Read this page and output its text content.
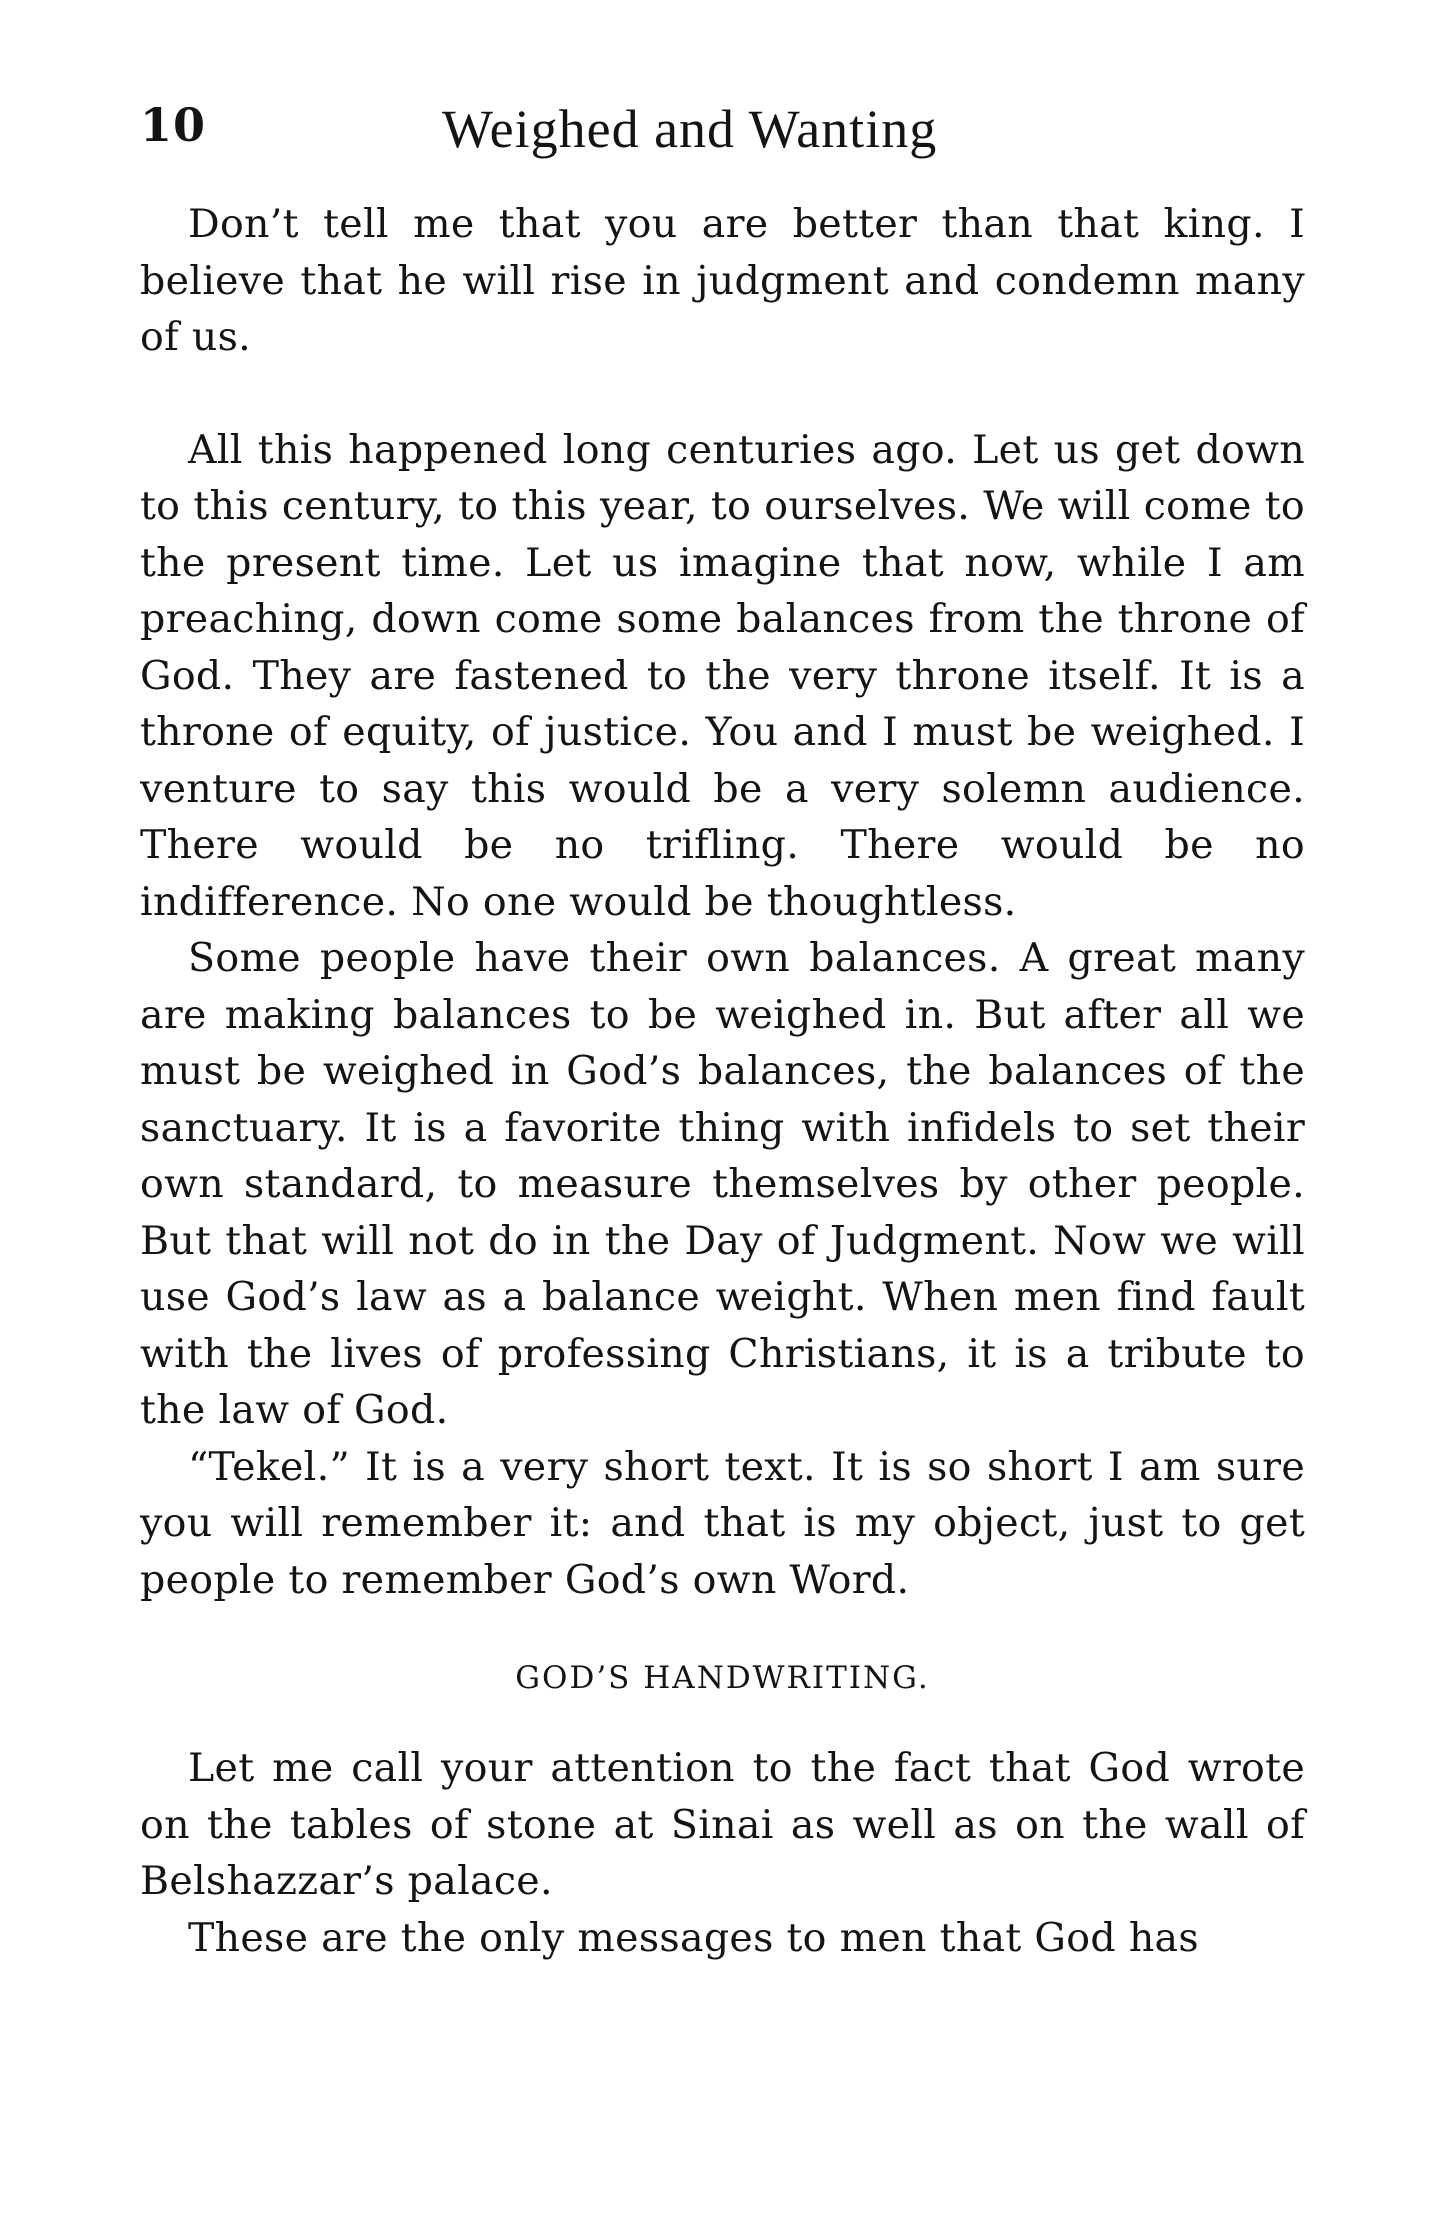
10	Weighed and Wanting

Don’t tell me that you are better than that king. I believe that he will rise in judgment and condemn many of us.

All this happened long centuries ago. Let us get down to this century, to this year, to ourselves. We will come to the present time. Let us imagine that now, while I am preaching, down come some balances from the throne of God. They are fastened to the very throne itself. It is a throne of equity, of justice. You and I must be weighed. I venture to say this would be a very solemn audience. There would be no trifling. There would be no indifference. No one would be thoughtless.

Some people have their own balances. A great many are making balances to be weighed in. But after all we must be weighed in God’s balances, the balances of the sanctuary. It is a favorite thing with infidels to set their own standard, to measure themselves by other people. But that will not do in the Day of Judgment. Now we will use God’s law as a balance weight. When men find fault with the lives of professing Christians, it is a tribute to the law of God.

“Tekel.” It is a very short text. It is so short I am sure you will remember it: and that is my object, just to get people to remember God’s own Word.

GOD’S HANDWRITING.

Let me call your attention to the fact that God wrote on the tables of stone at Sinai as well as on the wall of Belshazzar’s palace.

These are the only messages to men that God has
